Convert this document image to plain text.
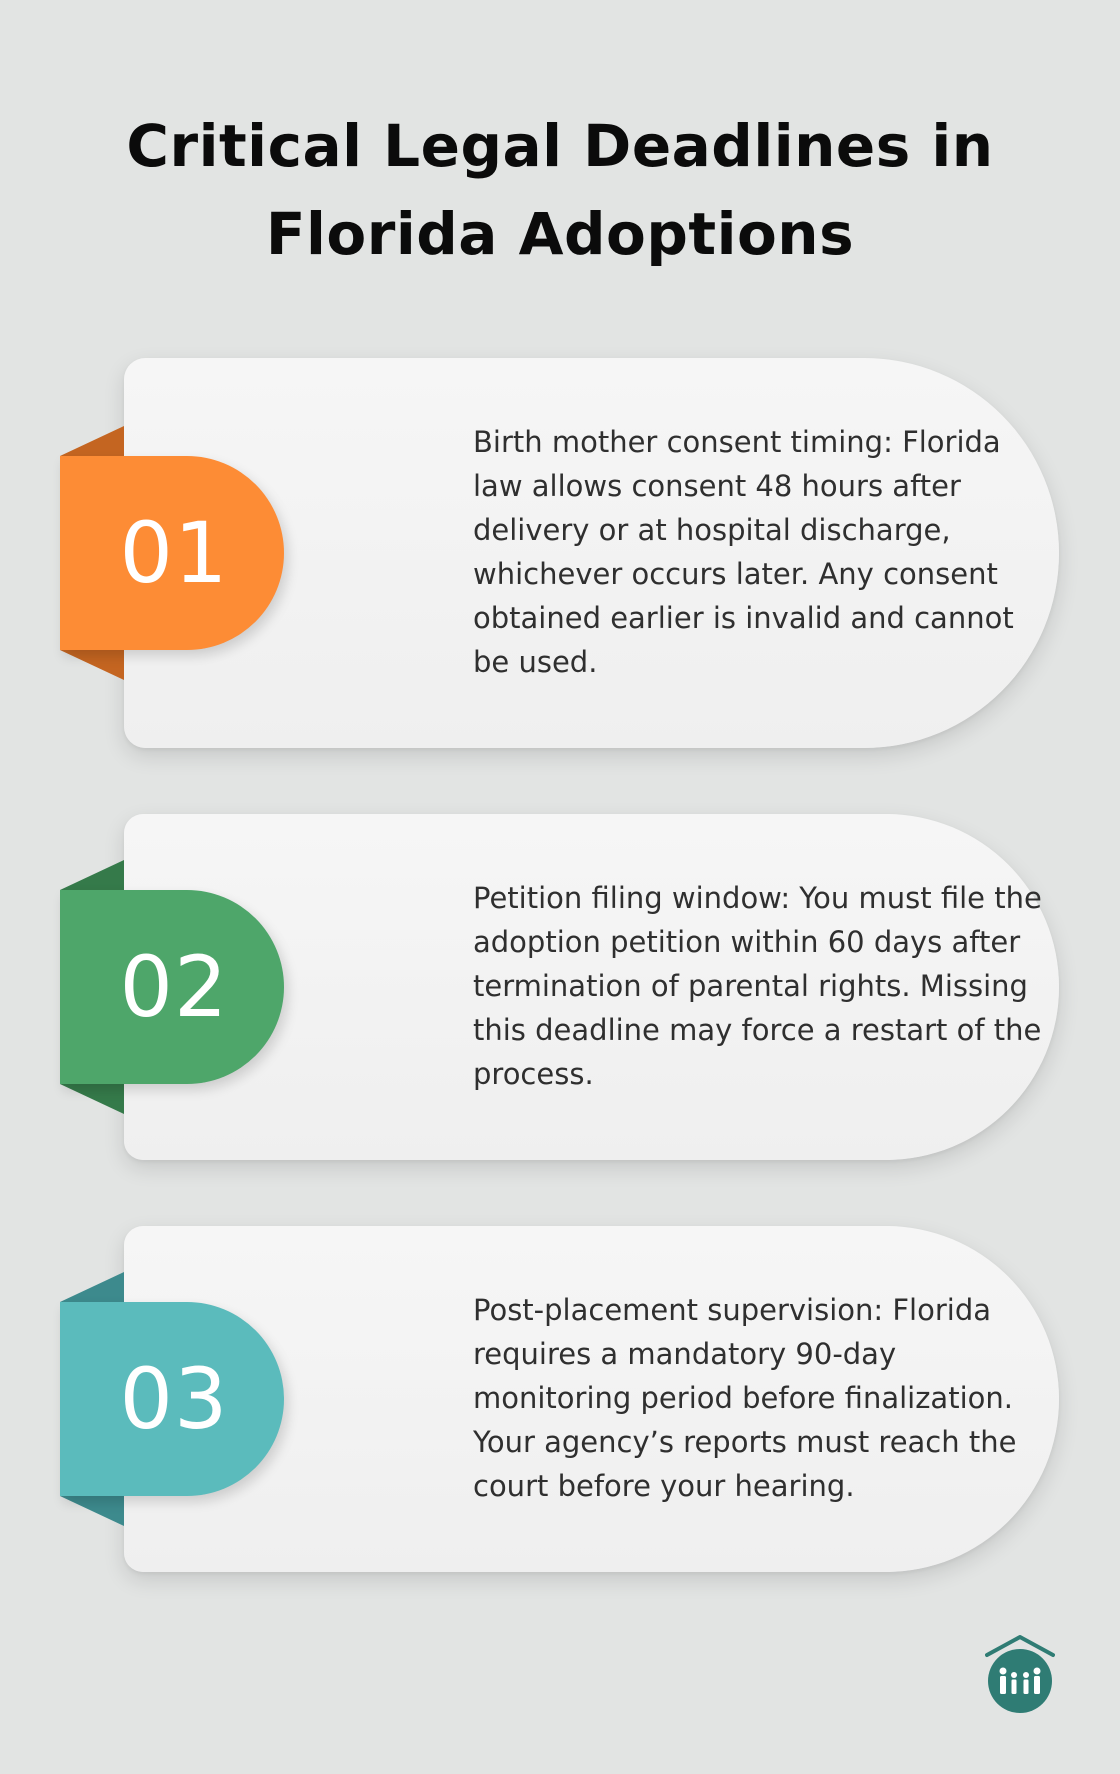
Critical Legal Deadlines in
Florida Adoptions
Birth mother consent timing: Florida law allows consent 48 hours after delivery or at hospital discharge, whichever occurs later. Any consent obtained earlier is invalid and cannot be used.
01
Petition filing window: You must file the adoption petition within 60 days after termination of parental rights. Missing this deadline may force a restart of the process.
02
Post-placement supervision: Florida requires a mandatory 90-day monitoring period before finalization. Your agency’s reports must reach the court before your hearing.
03
